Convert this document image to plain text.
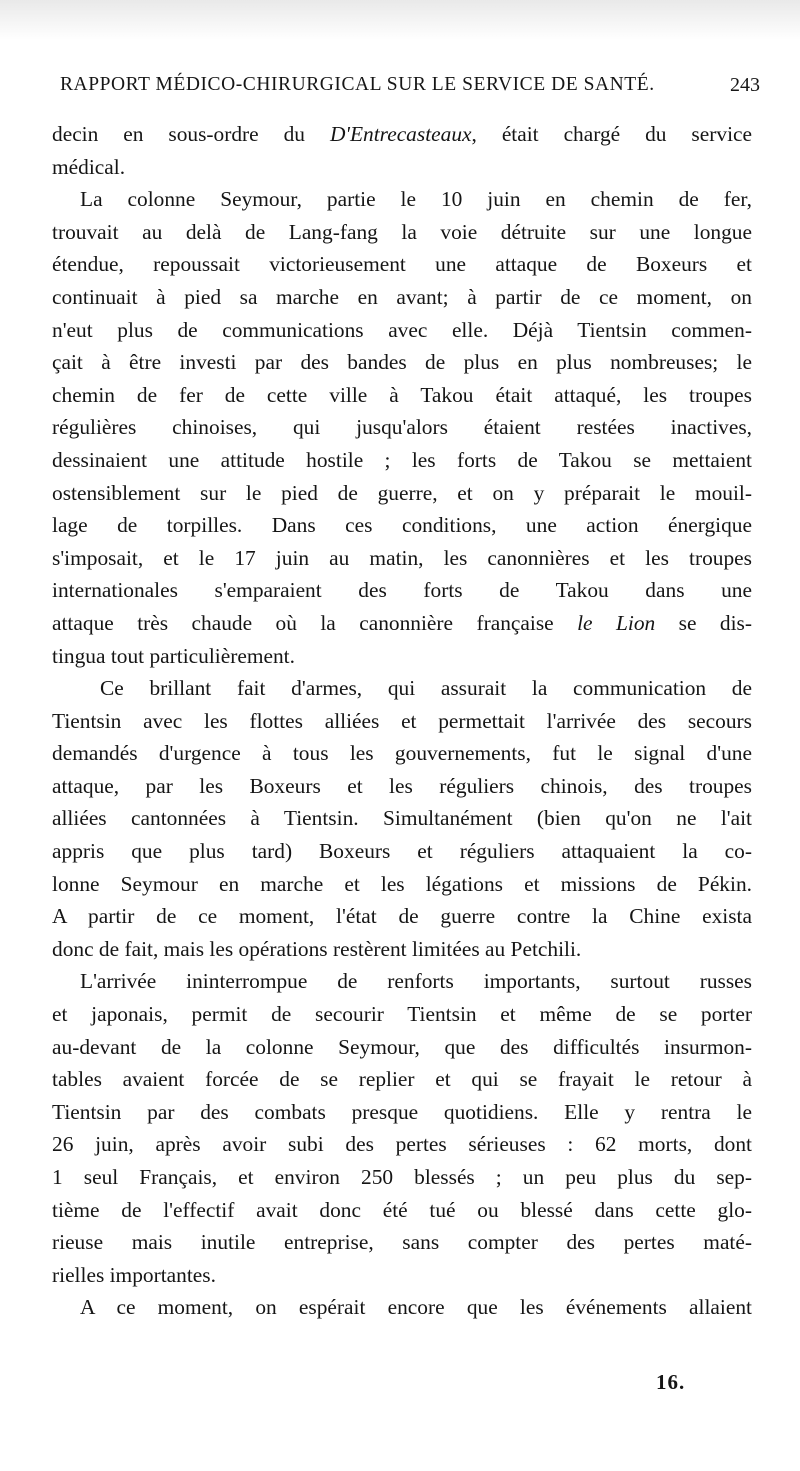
RAPPORT MÉDICO-CHIRURGICAL SUR LE SERVICE DE SANTÉ.	243
decin en sous-ordre du D'Entrecasteaux, était chargé du service
médical.
La colonne Seymour, partie le 10 juin en chemin de fer,
trouvait au delà de Lang-fang la voie détruite sur une longue
étendue, repoussait victorieusement une attaque de Boxeurs et
continuait à pied sa marche en avant; à partir de ce moment, on
n'eut plus de communications avec elle. Déjà Tientsin commen-
çait à être investi par des bandes de plus en plus nombreuses; le
chemin de fer de cette ville à Takou était attaqué, les troupes
régulières chinoises, qui jusqu'alors étaient restées inactives,
dessinaient une attitude hostile ; les forts de Takou se mettaient
ostensiblement sur le pied de guerre, et on y préparait le mouil-
lage de torpilles. Dans ces conditions, une action énergique
s'imposait, et le 17 juin au matin, les canonnières et les troupes
internationales s'emparaient des forts de Takou dans une
attaque très chaude où la canonnière française le Lion se dis-
tingua tout particulièrement.
Ce brillant fait d'armes, qui assurait la communication de
Tientsin avec les flottes alliées et permettait l'arrivée des secours
demandés d'urgence à tous les gouvernements, fut le signal d'une
attaque, par les Boxeurs et les réguliers chinois, des troupes
alliées cantonnées à Tientsin. Simultanément (bien qu'on ne l'ait
appris que plus tard) Boxeurs et réguliers attaquaient la co-
lonne Seymour en marche et les légations et missions de Pékin.
A partir de ce moment, l'état de guerre contre la Chine exista
donc de fait, mais les opérations restèrent limitées au Petchili.
L'arrivée ininterrompue de renforts importants, surtout russes
et japonais, permit de secourir Tientsin et même de se porter
au-devant de la colonne Seymour, que des difficultés insurmon-
tables avaient forcée de se replier et qui se frayait le retour à
Tientsin par des combats presque quotidiens. Elle y rentra le
26 juin, après avoir subi des pertes sérieuses : 62 morts, dont
1 seul Français, et environ 250 blessés ; un peu plus du sep-
tième de l'effectif avait donc été tué ou blessé dans cette glo-
rieuse mais inutile entreprise, sans compter des pertes maté-
rielles importantes.
A ce moment, on espérait encore que les événements allaient
16.
